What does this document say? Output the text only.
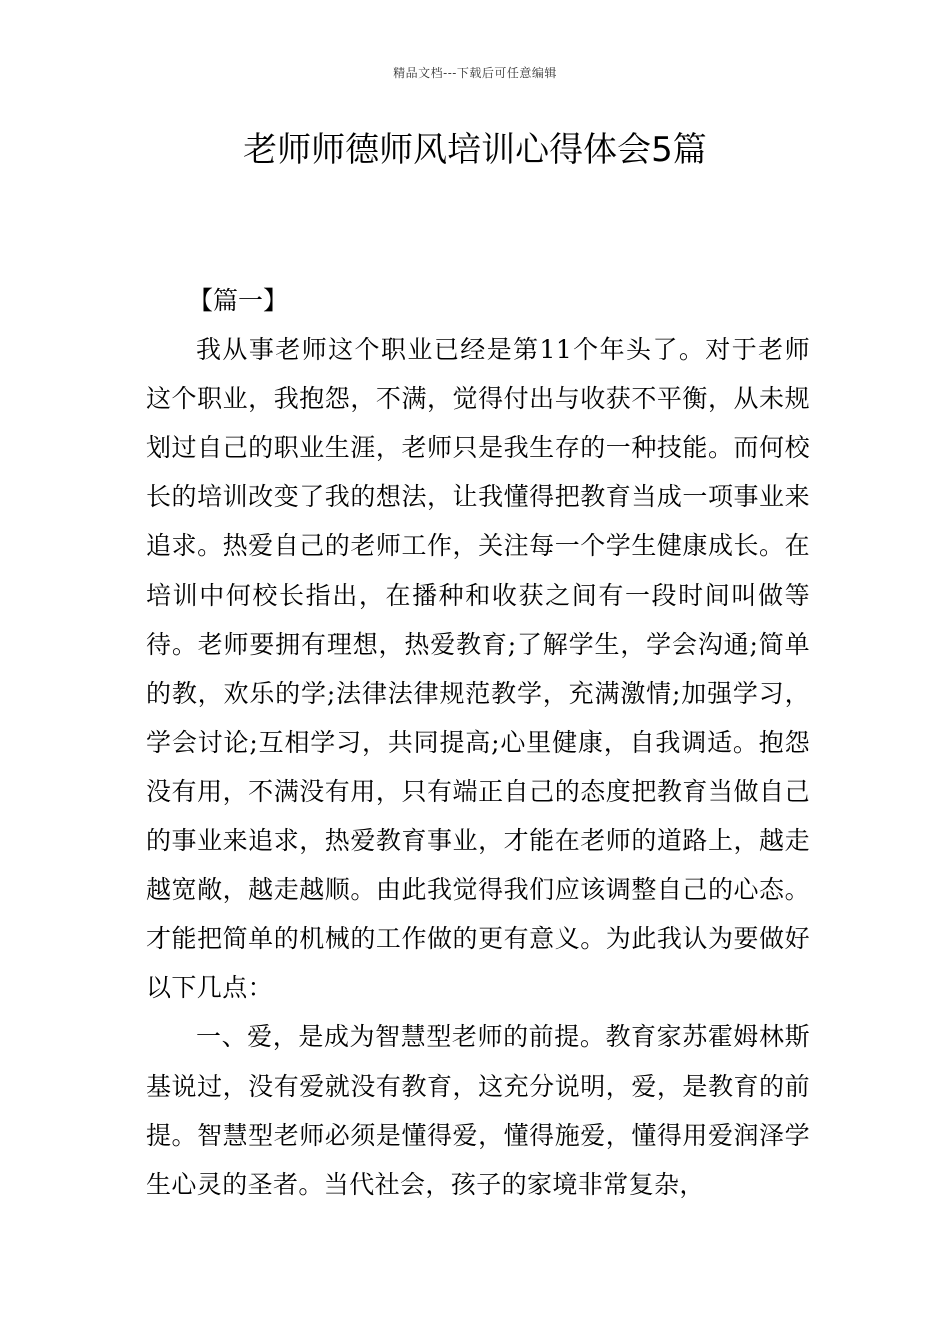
精品文档---下载后可任意编辑
老师师德师风培训心得体会5篇

【篇一】

我从事老师这个职业已经是第11个年头了。对于老师这个职业，我抱怨，不满，觉得付出与收获不平衡，从未规划过自己的职业生涯，老师只是我生存的一种技能。而何校长的培训改变了我的想法，让我懂得把教育当成一项事业来追求。热爱自己的老师工作，关注每一个学生健康成长。在培训中何校长指出，在播种和收获之间有一段时间叫做等待。老师要拥有理想，热爱教育;了解学生，学会沟通;简单的教，欢乐的学;法律法律规范教学，充满激情;加强学习，学会讨论;互相学习，共同提高;心里健康，自我调适。抱怨没有用，不满没有用，只有端正自己的态度把教育当做自己的事业来追求，热爱教育事业，才能在老师的道路上，越走越宽敞，越走越顺。由此我觉得我们应该调整自己的心态。才能把简单的机械的工作做的更有意义。为此我认为要做好以下几点：

一、爱，是成为智慧型老师的前提。教育家苏霍姆林斯基说过，没有爱就没有教育，这充分说明，爱，是教育的前提。智慧型老师必须是懂得爱，懂得施爱，懂得用爱润泽学生心灵的圣者。当代社会，孩子的家境非常复杂，
